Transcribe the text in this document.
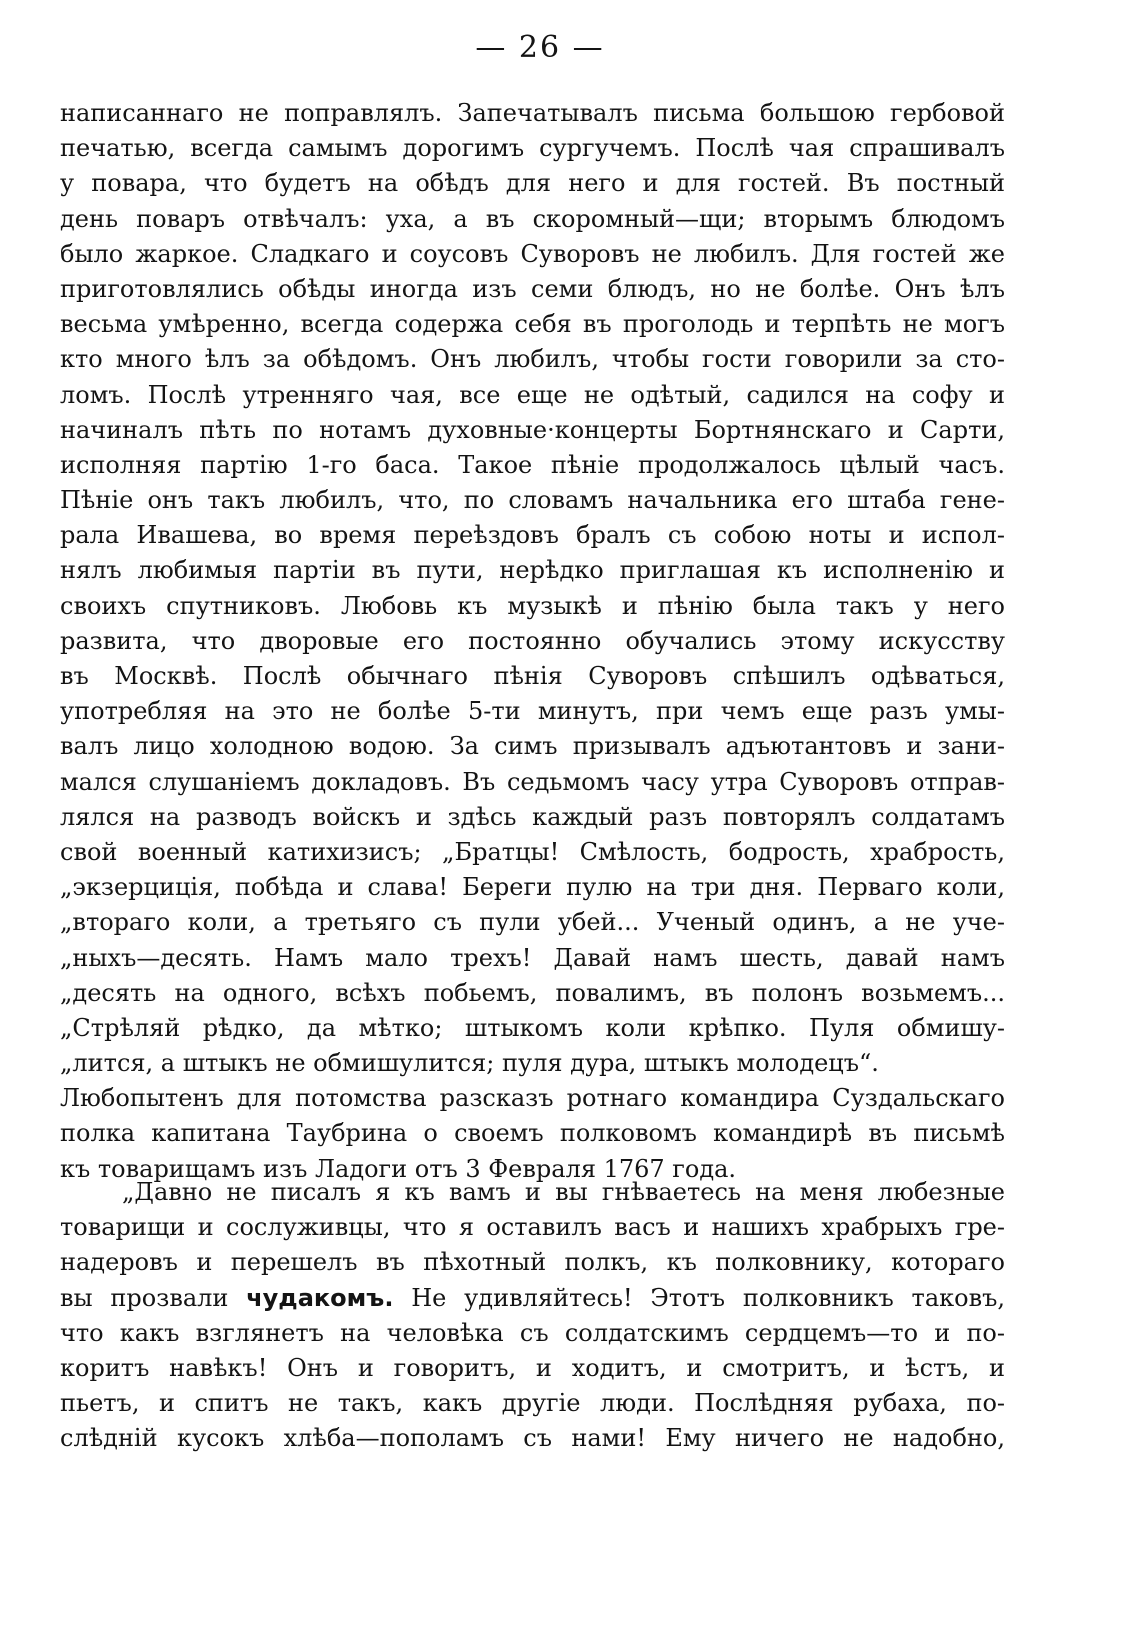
— 26 —
написаннаго не поправлялъ. Запечатывалъ письма большою гербовой
печатью, всегда самымъ дорогимъ сургучемъ. Послѣ чая спрашивалъ
у повара, что будетъ на обѣдъ для него и для гостей. Въ постный
день поваръ отвѣчалъ: уха, а въ скоромный—щи; вторымъ блюдомъ
было жаркое. Сладкаго и соусовъ Суворовъ не любилъ. Для гостей же
приготовлялись обѣды иногда изъ семи блюдъ, но не болѣе. Онъ ѣлъ
весьма умѣренно, всегда содержа себя въ проголодь и терпѣть не могъ
кто много ѣлъ за обѣдомъ. Онъ любилъ, чтобы гости говорили за сто-
ломъ. Послѣ утренняго чая, все еще не одѣтый, садился на софу и
начиналъ пѣть по нотамъ духовные·концерты Бортнянскаго и Сарти,
исполняя партію 1-го баса. Такое пѣніе продолжалось цѣлый часъ.
Пѣніе онъ такъ любилъ, что, по словамъ начальника его штаба гене-
рала Ивашева, во время переѣздовъ бралъ съ собою ноты и испол-
нялъ любимыя партіи въ пути, нерѣдко приглашая къ исполненію и
своихъ спутниковъ. Любовь къ музыкѣ и пѣнію была такъ у него
развита, что дворовые его постоянно обучались этому искусству
въ Москвѣ. Послѣ обычнаго пѣнія Суворовъ спѣшилъ одѣваться,
употребляя на это не болѣе 5-ти минутъ, при чемъ еще разъ умы-
валъ лицо холодною водою. За симъ призывалъ адъютантовъ и зани-
мался слушаніемъ докладовъ. Въ седьмомъ часу утра Суворовъ отправ-
лялся на разводъ войскъ и здѣсь каждый разъ повторялъ солдатамъ
свой военный катихизисъ; „Братцы! Смѣлость, бодрость, храбрость,
„экзерцицiя, побѣда и слава! Береги пулю на три дня. Перваго коли,
„втораго коли, а третьяго съ пули убей... Ученый одинъ, а не уче-
„ныхъ—десять. Намъ мало трехъ! Давай намъ шесть, давай намъ
„десять на одного, всѣхъ побьемъ, повалимъ, въ полонъ возьмемъ...
„Стрѣляй рѣдко, да мѣтко; штыкомъ коли крѣпко. Пуля обмишу-
„лится, а штыкъ не обмишулится; пуля дура, штыкъ молодецъ“.
Любопытенъ для потомства разсказъ ротнаго командира Суздальскаго
полка капитана Таубрина о своемъ полковомъ командирѣ въ письмѣ
къ товарищамъ изъ Ладоги отъ 3 Февраля 1767 года.
„Давно не писалъ я къ вамъ и вы гнѣваетесь на меня любезные
товарищи и сослуживцы, что я оставилъ васъ и нашихъ храбрыхъ гре-
надеровъ и перешелъ въ пѣхотный полкъ, къ полковнику, котораго
вы прозвали чудакомъ. Не удивляйтесь! Этотъ полковникъ таковъ,
что какъ взглянетъ на человѣка съ солдатскимъ сердцемъ—то и по-
коритъ навѣкъ! Онъ и говоритъ, и ходитъ, и смотритъ, и ѣстъ, и
пьетъ, и спитъ не такъ, какъ другіе люди. Послѣдняя рубаха, по-
слѣдній кусокъ хлѣба—пополамъ съ нами! Ему ничего не надобно,
